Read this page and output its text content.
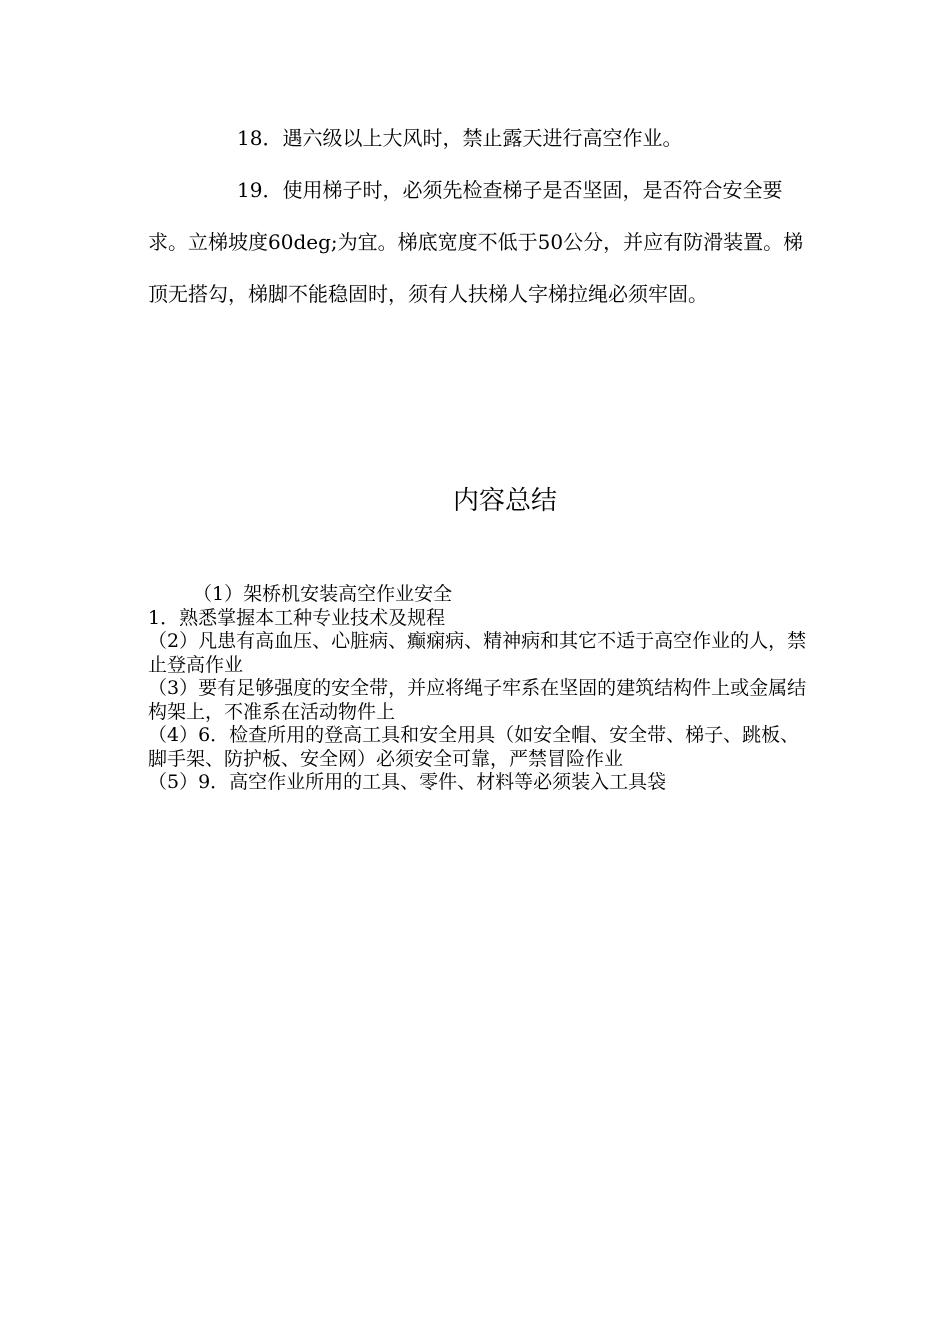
18．遇六级以上大风时，禁止露天进行高空作业。

19．使用梯子时，必须先检查梯子是否坚固，是否符合安全要求。立梯坡度60deg;为宜。梯底宽度不低于50公分，并应有防滑装置。梯顶无搭勾，梯脚不能稳固时，须有人扶梯人字梯拉绳必须牢固。

内容总结
（1）架桥机安装高空作业安全
1．熟悉掌握本工种专业技术及规程
（2）凡患有高血压、心脏病、癫痫病、精神病和其它不适于高空作业的人，禁止登高作业
（3）要有足够强度的安全带，并应将绳子牢系在坚固的建筑结构件上或金属结构架上，不准系在活动物件上
（4）6．检查所用的登高工具和安全用具（如安全帽、安全带、梯子、跳板、脚手架、防护板、安全网）必须安全可靠，严禁冒险作业
（5）9．高空作业所用的工具、零件、材料等必须装入工具袋
